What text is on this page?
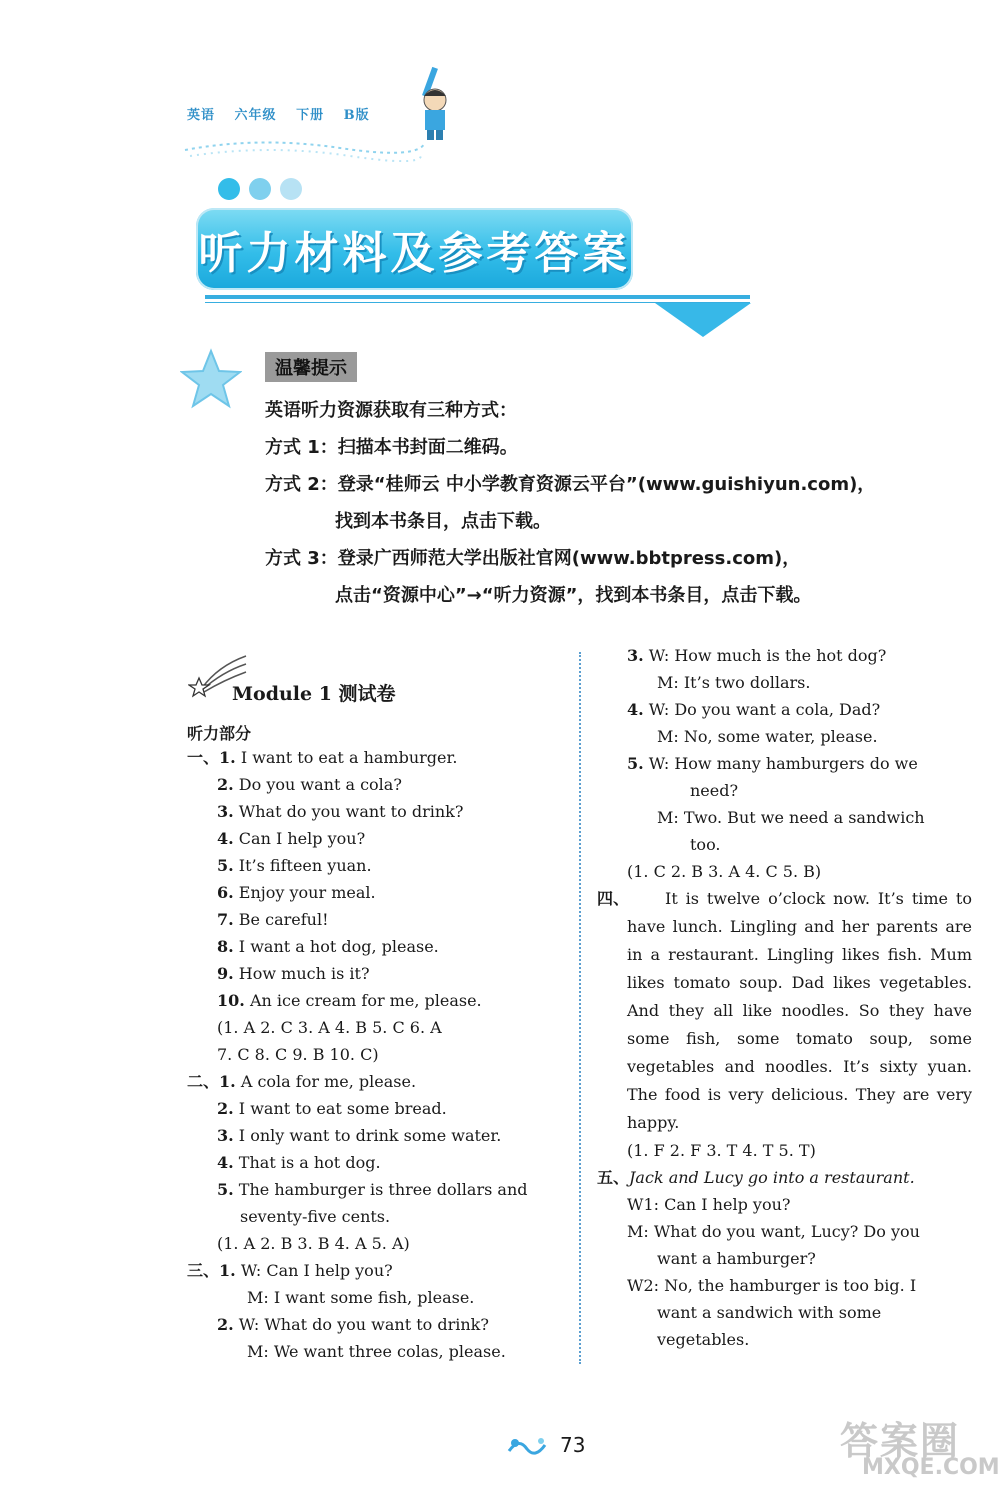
英语 六年级 下册 B版

听力材料及参考答案
温馨提示
英语听力资源获取有三种方式：
方式 1：扫描本书封面二维码。
方式 2：登录“桂师云 中小学教育资源云平台”(www.guishiyun.com)，
找到本书条目，点击下载。
方式 3：登录广西师范大学出版社官网(www.bbtpress.com)，
点击“资源中心”→“听力资源”，找到本书条目，点击下载。
Module 1 测试卷
听力部分
一、1. I want to eat a hamburger.
2. Do you want a cola?
3. What do you want to drink?
4. Can I help you?
5. It’s fifteen yuan.
6. Enjoy your meal.
7. Be careful!
8. I want a hot dog, please.
9. How much is it?
10. An ice cream for me, please.
(1. A 2. C 3. A 4. B 5. C 6. A
7. C 8. C 9. B 10. C)
二、1. A cola for me, please.
2. I want to eat some bread.
3. I only want to drink some water.
4. That is a hot dog.
5. The hamburger is three dollars and
seventy-five cents.
(1. A 2. B 3. B 4. A 5. A)
三、1. W: Can I help you?
M: I want some fish, please.
2. W: What do you want to drink?
M: We want three colas, please.
3. W: How much is the hot dog?
M: It’s two dollars.
4. W: Do you want a cola, Dad?
M: No, some water, please.
5. W: How many hamburgers do we
need?
M: Two. But we need a sandwich
too.
(1. C 2. B 3. A 4. C 5. B)
四、	It is twelve o’clock now. It’s time to have lunch. Lingling and her parents are in a restaurant. Lingling likes fish. Mum likes tomato soup. Dad likes vegetables. And they all like noodles. So they have some fish, some tomato soup, some vegetables and noodles. It’s sixty yuan. The food is very delicious. They are very happy.
(1. F 2. F 3. T 4. T 5. T)
五、Jack and Lucy go into a restaurant.
W1: Can I help you?
M: What do you want, Lucy? Do you
want a hamburger?
W2: No, the hamburger is too big. I
want a sandwich with some
vegetables.
73	答案圈
MXQE.COM
